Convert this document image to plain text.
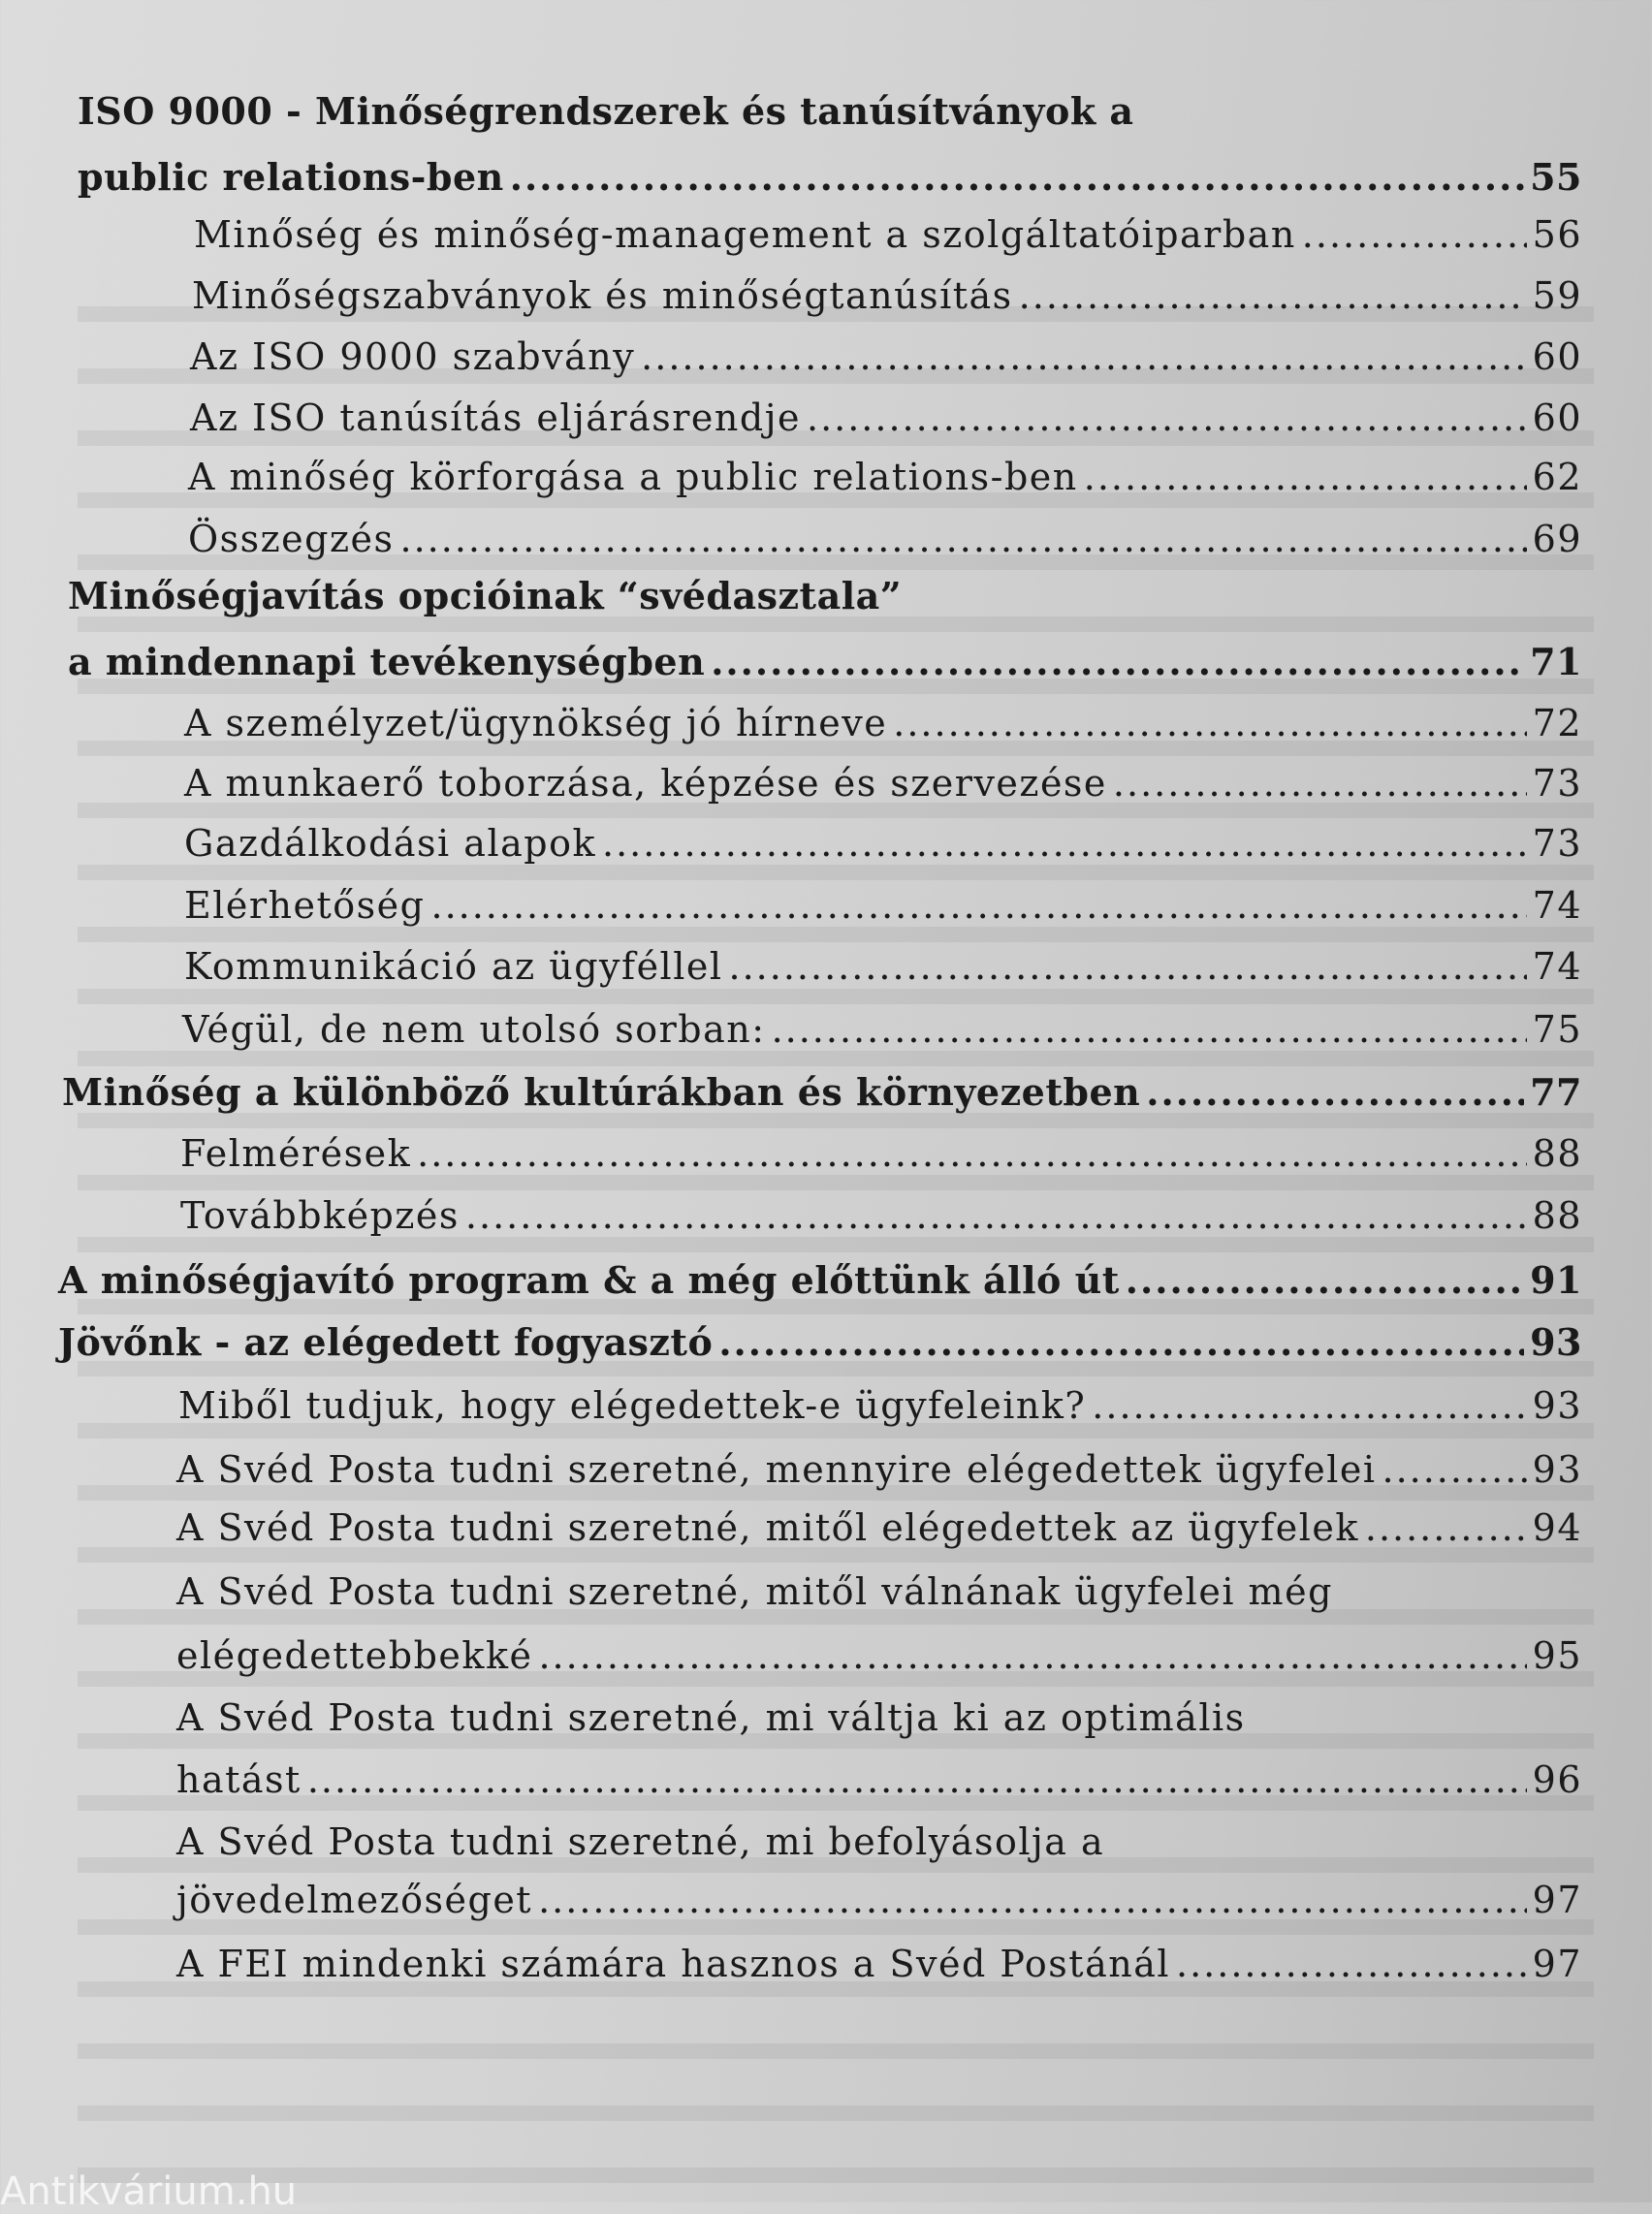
ISO 9000 - Minőségrendszerek és tanúsítványok a
public relations-ben .....	55
Minőség és minőség-management a szolgáltatóiparban .....	56
Minőségszabványok és minőségtanúsítás .....	59
Az ISO 9000 szabvány .....	60
Az ISO tanúsítás eljárásrendje .....	60
A minőség körforgása a public relations-ben .....	62
Összegzés .....	69
Minőségjavítás opcióinak “svédasztala”
a mindennapi tevékenységben .....	71
A személyzet/ügynökség jó hírneve .....	72
A munkaerő toborzása, képzése és szervezése .....	73
Gazdálkodási alapok .....	73
Elérhetőség .....	74
Kommunikáció az ügyféllel .....	74
Végül, de nem utolsó sorban: .....	75
Minőség a különböző kultúrákban és környezetben .....	77
Felmérések .....	88
Továbbképzés .....	88
A minőségjavító program & a még előttünk álló út .....	91
Jövőnk - az elégedett fogyasztó .....	93
Miből tudjuk, hogy elégedettek-e ügyfeleink? .....	93
A Svéd Posta tudni szeretné, mennyire elégedettek ügyfelei .....	93
A Svéd Posta tudni szeretné, mitől elégedettek az ügyfelek .....	94
A Svéd Posta tudni szeretné, mitől válnának ügyfelei még
elégedettebbekké .....	95
A Svéd Posta tudni szeretné, mi váltja ki az optimális
hatást .....	96
A Svéd Posta tudni szeretné, mi befolyásolja a
jövedelmezőséget .....	97
A FEI mindenki számára hasznos a Svéd Postánál .....	97
Antikvárium.hu
